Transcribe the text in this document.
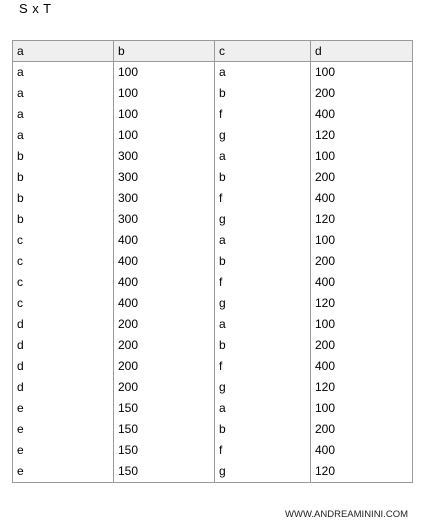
S x T
a	b	c	d
a	100	a	100
a	100	b	200
a	100	f	400
a	100	g	120
b	300	a	100
b	300	b	200
b	300	f	400
b	300	g	120
c	400	a	100
c	400	b	200
c	400	f	400
c	400	g	120
d	200	a	100
d	200	b	200
d	200	f	400
d	200	g	120
e	150	a	100
e	150	b	200
e	150	f	400
e	150	g	120
WWW.ANDREAMININI.COM
